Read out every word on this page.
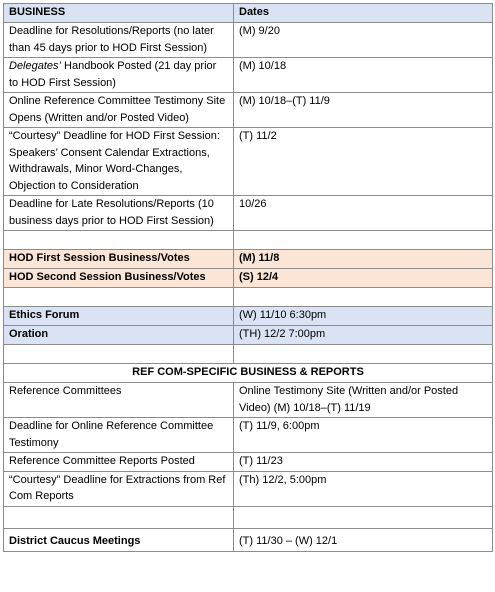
BUSINESS	Dates
Deadline for Resolutions/Reports (no later than 45 days prior to HOD First Session)	(M) 9/20
Delegates’ Handbook Posted (21 day prior to HOD First Session)	(M) 10/18
Online Reference Committee Testimony Site Opens (Written and/or Posted Video)	(M) 10/18–(T) 11/9
“Courtesy” Deadline for HOD First Session: Speakers’ Consent Calendar Extractions, Withdrawals, Minor Word-Changes, Objection to Consideration	(T) 11/2
Deadline for Late Resolutions/Reports (10 business days prior to HOD First Session)	10/26

HOD First Session Business/Votes	(M) 11/8
HOD Second Session Business/Votes	(S) 12/4

Ethics Forum	(W) 11/10 6:30pm
Oration	(TH) 12/2 7:00pm

REF COM-SPECIFIC BUSINESS & REPORTS	
Reference Committees	Online Testimony Site (Written and/or Posted Video) (M) 10/18–(T) 11/19
Deadline for Online Reference Committee Testimony	(T) 11/9, 6:00pm
Reference Committee Reports Posted	(T) 11/23
“Courtesy” Deadline for Extractions from Ref Com Reports	(Th) 12/2, 5:00pm

District Caucus Meetings	(T) 11/30 – (W) 12/1
